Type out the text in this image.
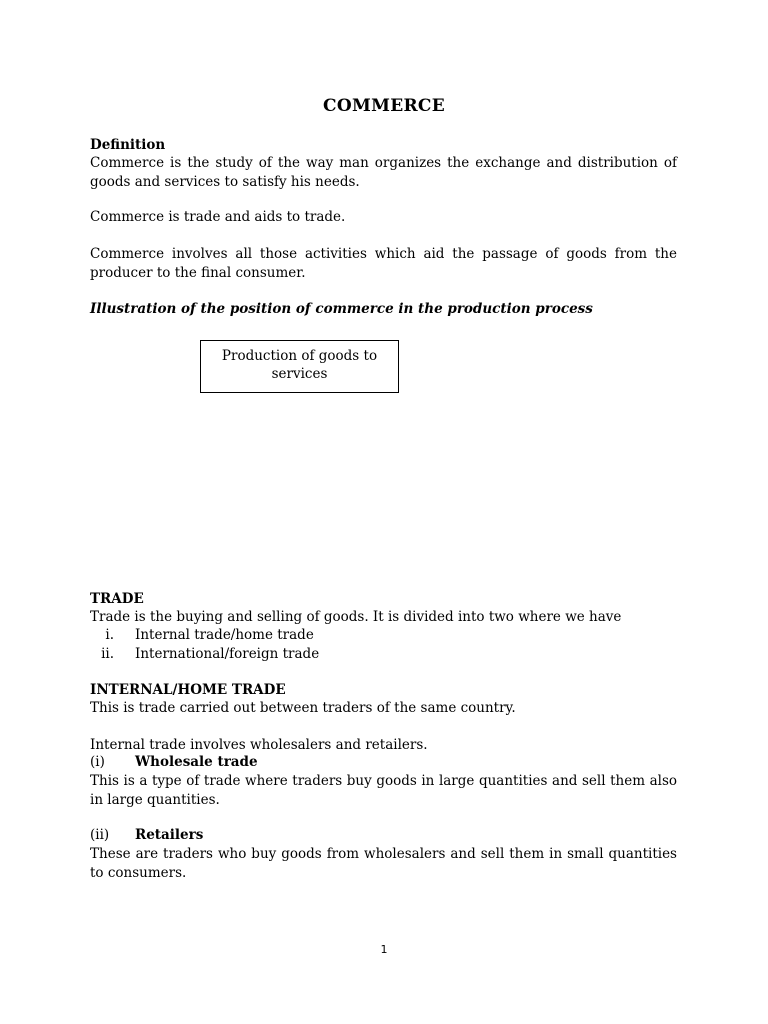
COMMERCE
Definition
Commerce is the study of the way man organizes the exchange and distribution of goods and services to satisfy his needs.
Commerce is trade and aids to trade.
Commerce involves all those activities which aid the passage of goods from the producer to the final consumer.
Illustration of the position of commerce in the production process
Production of goods to
services
TRADE
Trade is the buying and selling of goods. It is divided into two where we have
i. Internal trade/home trade
ii. International/foreign trade
INTERNAL/HOME TRADE
This is trade carried out between traders of the same country.
Internal trade involves wholesalers and retailers.
(i) Wholesale trade
This is a type of trade where traders buy goods in large quantities and sell them also in large quantities.
(ii) Retailers
These are traders who buy goods from wholesalers and sell them in small quantities to consumers.
1
